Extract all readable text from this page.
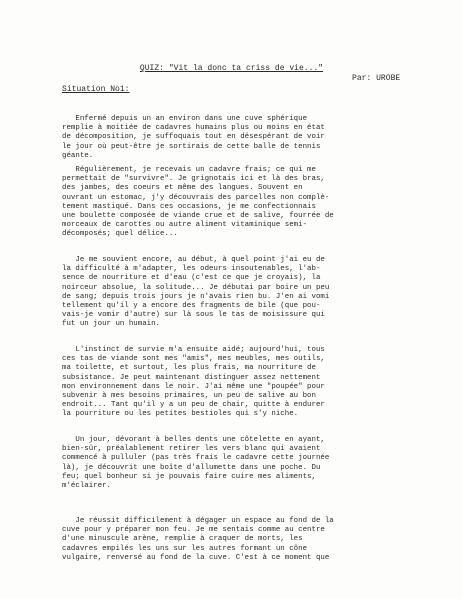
QUIZ: "Vit la donc ta criss de vie..."
Par: UROBE
Situation No1:

Enfermé depuis un an environ dans une cuve sphérique
remplie à moitiée de cadavres humains plus ou moins en état
de décomposition, je suffoquais tout en désespérant de voir
le jour où peut-être je sortirais de cette balle de tennis
géante.

Régulièrement, je recevais un cadavre frais; ce qui me
permettait de "survivre". Je grignotais ici et là des bras,
des jambes, des coeurs et même des langues. Souvent en
ouvrant un estomac, j'y découvrais des parcelles non complè-
tement mastiqué. Dans ces occasions, je me confectionnais
une boulette composée de viande crue et de salive, fourrée de
morceaux de carottes ou autre aliment vitaminique semi-
décomposés; quel délice...

Je me souvient encore, au début, à quel point j'ai eu de
la difficulté à m'adapter, les odeurs insoutenables, l'ab-
sence de nourriture et d'eau (c'est ce que je croyais), la
noirceur absolue, la solitude... Je débutai par boire un peu
de sang; depuis trois jours je n'avais rien bu. J'en ai vomi
tellement qu'il y a encore des fragments de bile (que pou-
vais-je vomir d'autre) sur là sous le tas de moisissure qui
fut un jour un humain.

L'instinct de survie m'a ensuite aidé; aujourd'hui, tous
ces tas de viande sont mes "amis", mes meubles, mes outils,
ma toilette, et surtout, les plus frais, ma nourriture de
subsistance. Je peut maintenant distinguer assez nettement
mon environnement dans le noir. J'ai même une "poupée" pour
subvenir à mes besoins primaires, un peu de salive au bon
endroit... Tant qu'il y a un peu de chair, quitte à endurer
la pourriture ou les petites bestioles qui s'y niche.

Un jour, dévorant à belles dents une côtelette en ayant,
bien-sûr, préalablement retirer les vers blanc qui avaient
commencé à pulluler (pas très frais le cadavre cette journée
là), je découvrit une boîte d'allumette dans une poche. Du
feu; quel bonheur si je pouvais faire cuire mes aliments,
m'éclairer.

Je réussit difficilement à dégager un espace au fond de la
cuve pour y préparer mon feu. Je me sentais comme au centre
d'une minuscule arène, remplie à craquer de morts, les
cadavres empilés les uns sur les autres formant un cône
vulgaire, renversé au fond de la cuve. C'est à ce moment que
